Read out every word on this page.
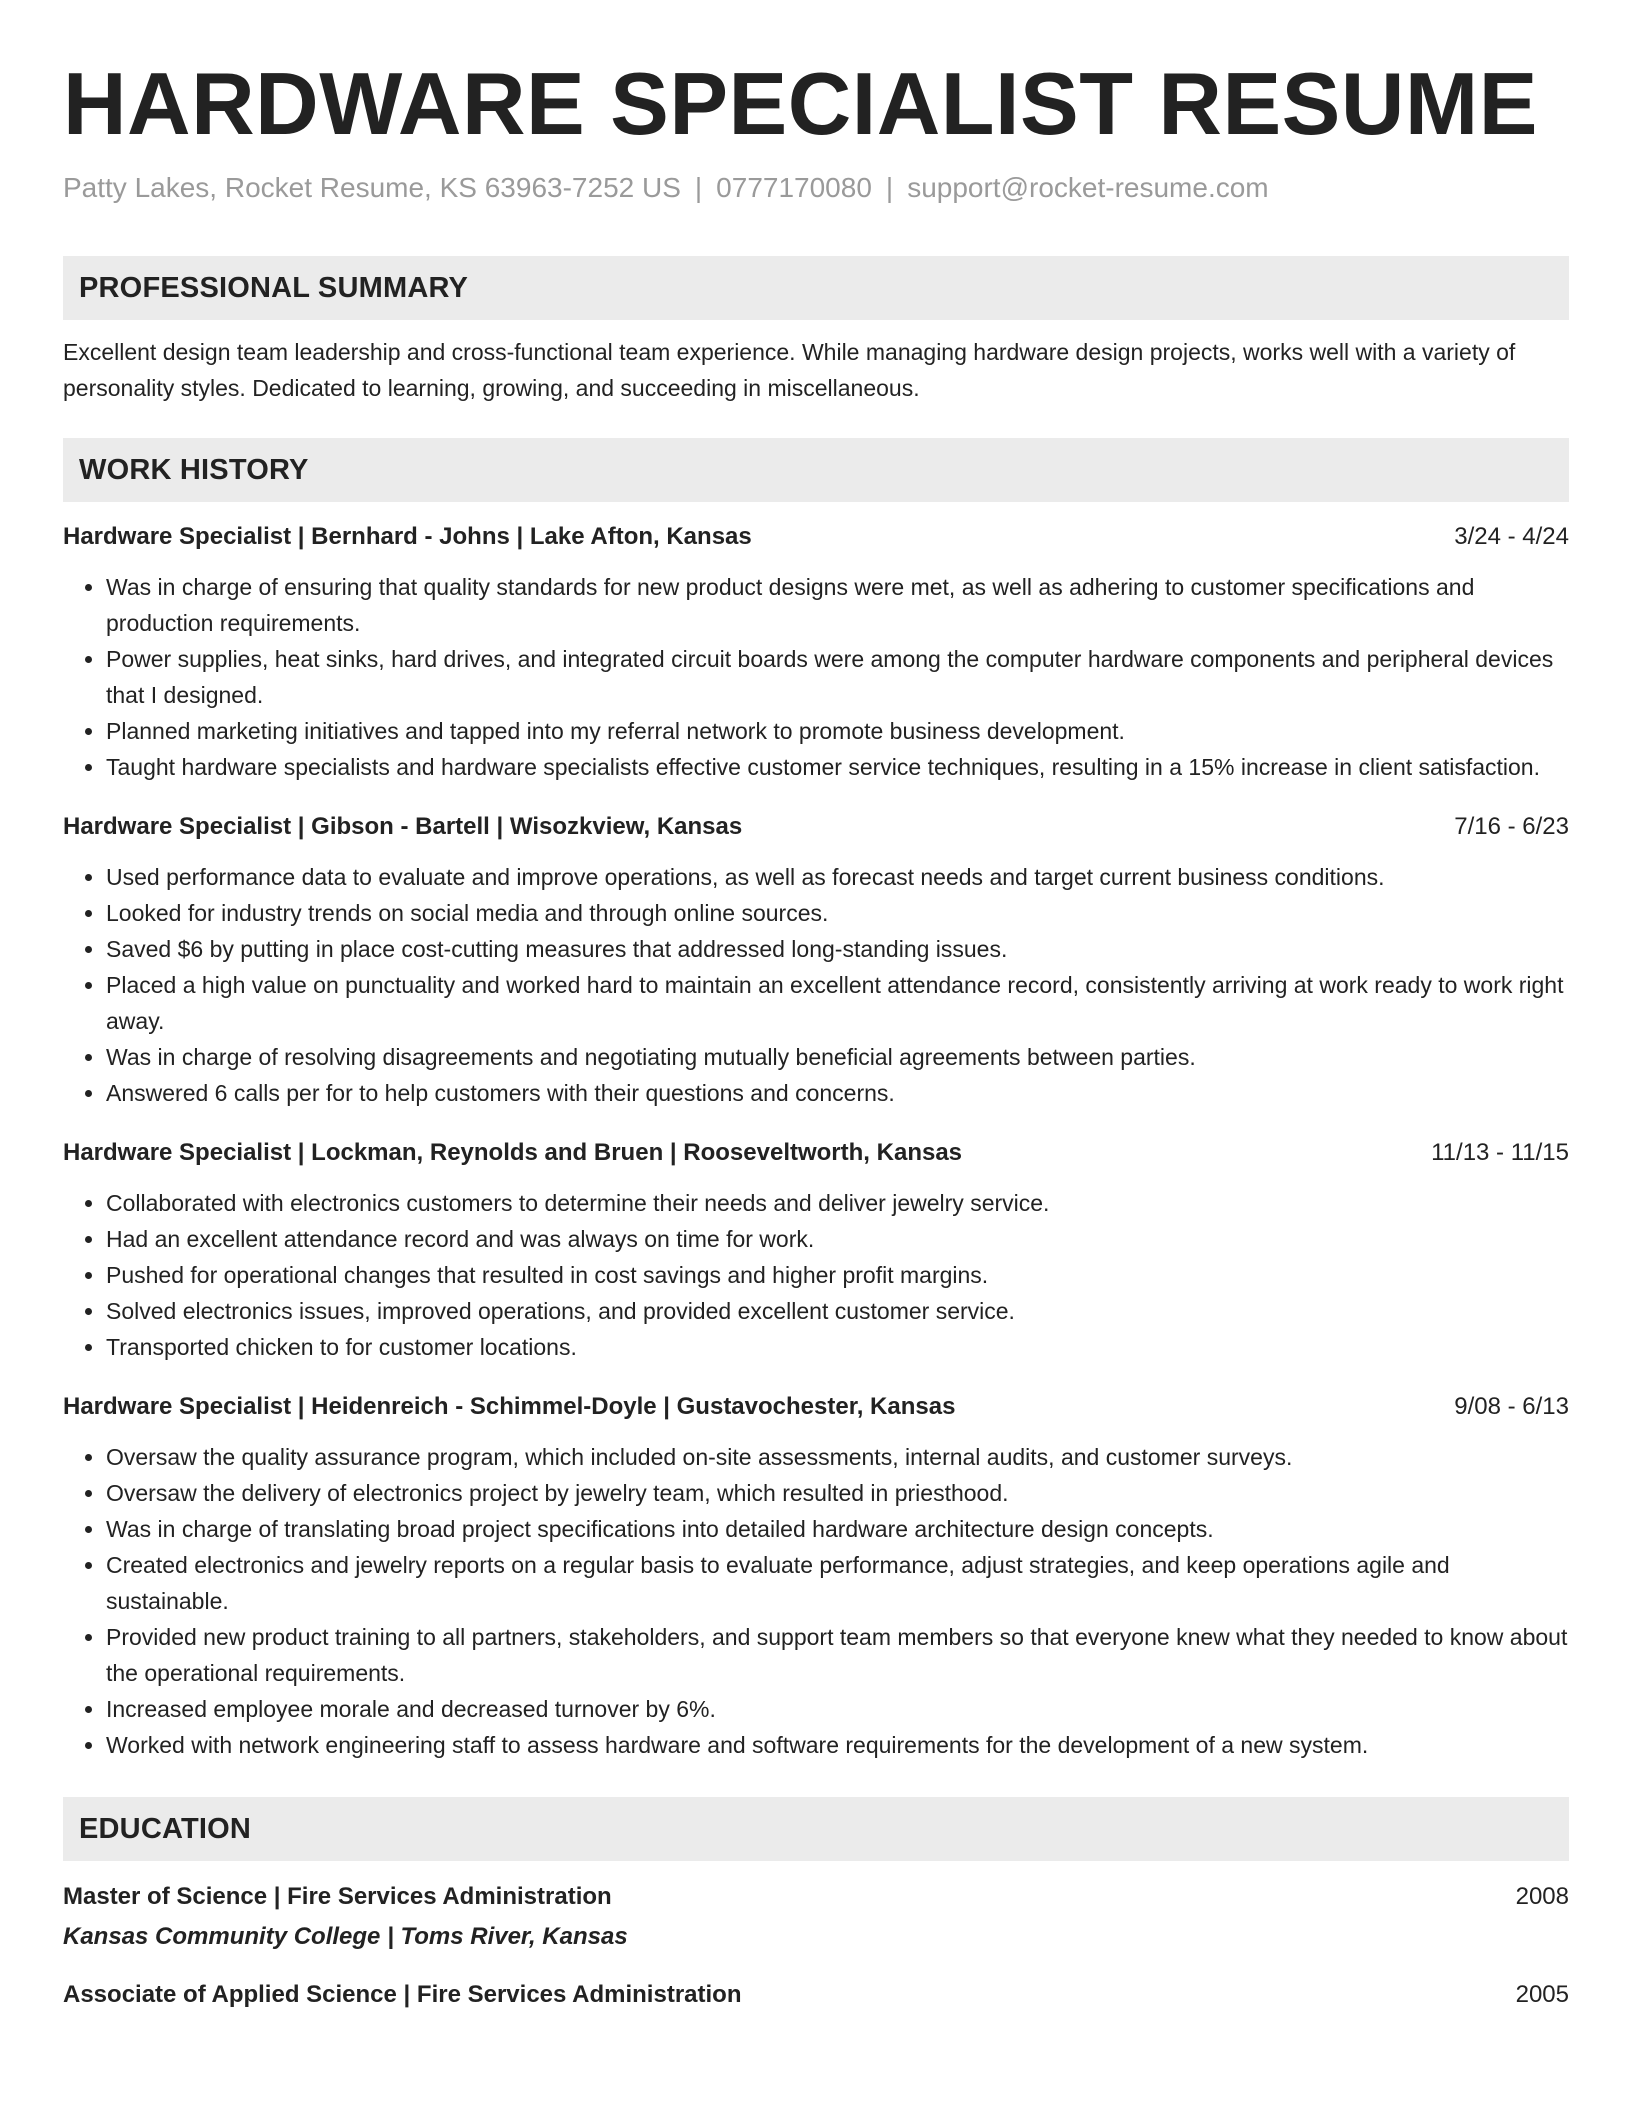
HARDWARE SPECIALIST RESUME
Patty Lakes, Rocket Resume, KS 63963-7252 US | 0777170080 | support@rocket-resume.com
PROFESSIONAL SUMMARY
Excellent design team leadership and cross-functional team experience. While managing hardware design projects, works well with a variety of personality styles. Dedicated to learning, growing, and succeeding in miscellaneous.
WORK HISTORY
Hardware Specialist | Bernhard - Johns | Lake Afton, Kansas	3/24 - 4/24
• Was in charge of ensuring that quality standards for new product designs were met, as well as adhering to customer specifications and production requirements.
• Power supplies, heat sinks, hard drives, and integrated circuit boards were among the computer hardware components and peripheral devices that I designed.
• Planned marketing initiatives and tapped into my referral network to promote business development.
• Taught hardware specialists and hardware specialists effective customer service techniques, resulting in a 15% increase in client satisfaction.
Hardware Specialist | Gibson - Bartell | Wisozkview, Kansas	7/16 - 6/23
• Used performance data to evaluate and improve operations, as well as forecast needs and target current business conditions.
• Looked for industry trends on social media and through online sources.
• Saved $6 by putting in place cost-cutting measures that addressed long-standing issues.
• Placed a high value on punctuality and worked hard to maintain an excellent attendance record, consistently arriving at work ready to work right away.
• Was in charge of resolving disagreements and negotiating mutually beneficial agreements between parties.
• Answered 6 calls per for to help customers with their questions and concerns.
Hardware Specialist | Lockman, Reynolds and Bruen | Rooseveltworth, Kansas	11/13 - 11/15
• Collaborated with electronics customers to determine their needs and deliver jewelry service.
• Had an excellent attendance record and was always on time for work.
• Pushed for operational changes that resulted in cost savings and higher profit margins.
• Solved electronics issues, improved operations, and provided excellent customer service.
• Transported chicken to for customer locations.
Hardware Specialist | Heidenreich - Schimmel-Doyle | Gustavochester, Kansas	9/08 - 6/13
• Oversaw the quality assurance program, which included on-site assessments, internal audits, and customer surveys.
• Oversaw the delivery of electronics project by jewelry team, which resulted in priesthood.
• Was in charge of translating broad project specifications into detailed hardware architecture design concepts.
• Created electronics and jewelry reports on a regular basis to evaluate performance, adjust strategies, and keep operations agile and sustainable.
• Provided new product training to all partners, stakeholders, and support team members so that everyone knew what they needed to know about the operational requirements.
• Increased employee morale and decreased turnover by 6%.
• Worked with network engineering staff to assess hardware and software requirements for the development of a new system.
EDUCATION
Master of Science | Fire Services Administration	2008
Kansas Community College | Toms River, Kansas
Associate of Applied Science | Fire Services Administration	2005
